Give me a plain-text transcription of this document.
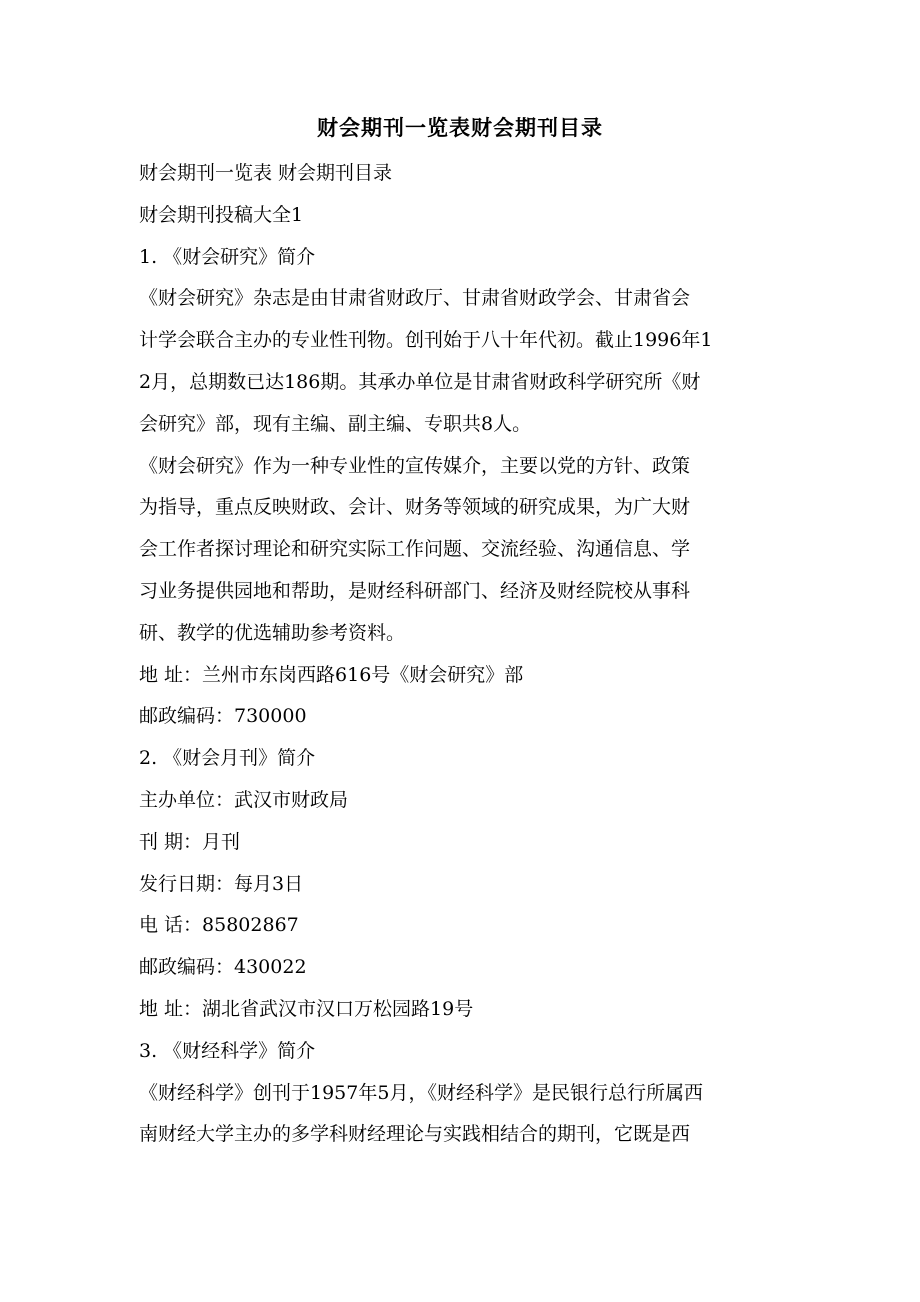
财会期刊一览表财会期刊目录
财会期刊一览表 财会期刊目录
财会期刊投稿大全1
1. 《财会研究》简介
《财会研究》杂志是由甘肃省财政厅、甘肃省财政学会、甘肃省会
计学会联合主办的专业性刊物。创刊始于八十年代初。截止1996年1
2月，总期数已达186期。其承办单位是甘肃省财政科学研究所《财
会研究》部，现有主编、副主编、专职共8人。
《财会研究》作为一种专业性的宣传媒介，主要以党的方针、政策
为指导，重点反映财政、会计、财务等领域的研究成果，为广大财
会工作者探讨理论和研究实际工作问题、交流经验、沟通信息、学
习业务提供园地和帮助，是财经科研部门、经济及财经院校从事科
研、教学的优选辅助参考资料。
地 址：兰州市东岗西路616号《财会研究》部
邮政编码：730000
2. 《财会月刊》简介
主办单位：武汉市财政局
刊 期：月刊
发行日期：每月3日
电 话：85802867
邮政编码：430022
地 址：湖北省武汉市汉口万松园路19号
3. 《财经科学》简介
《财经科学》创刊于1957年5月，《财经科学》是民银行总行所属西
南财经大学主办的多学科财经理论与实践相结合的期刊，它既是西
